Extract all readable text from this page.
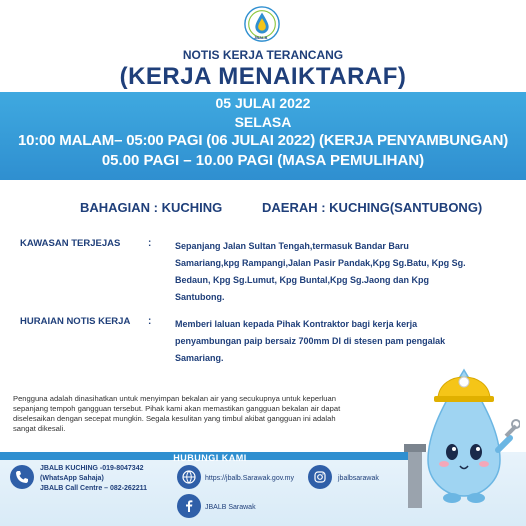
JBALB
NOTIS KERJA TERANCANG
(KERJA MENAIKTARAF)
05 JULAI 2022
SELASA
10:00 MALAM– 05:00 PAGI (06 JULAI 2022) (KERJA PENYAMBUNGAN)
05.00 PAGI – 10.00 PAGI (MASA PEMULIHAN)
BAHAGIAN : KUCHING	DAERAH : KUCHING(SANTUBONG)
KAWASAN TERJEJAS	:	Sepanjang Jalan Sultan Tengah,termasuk Bandar Baru
Samariang,kpg Rampangi,Jalan Pasir Pandak,Kpg Sg.Batu, Kpg Sg.
Bedaun, Kpg Sg.Lumut, Kpg Buntal,Kpg Sg.Jaong dan Kpg
Santubong.
HURAIAN NOTIS KERJA :	Memberi laluan kepada Pihak Kontraktor bagi kerja kerja
penyambungan paip bersaiz 700mm DI di stesen pam pengalak
Samariang.
Pengguna adalah dinasihatkan untuk menyimpan bekalan air yang secukupnya untuk keperluan
sepanjang tempoh gangguan tersebut. Pihak kami akan memastikan gangguan bekalan air dapat
diselesaikan dengan secepat mungkin. Segala kesulitan yang timbul akibat gangguan ini adalah
sangat dikesali.
HUBUNGI KAMI
JBALB KUCHING -019-8047342
(WhatsApp Sahaja)
JBALB Call Centre – 082-262211
https://jbalb.Sarawak.gov.my	jbalbsarawak
JBALB Sarawak
